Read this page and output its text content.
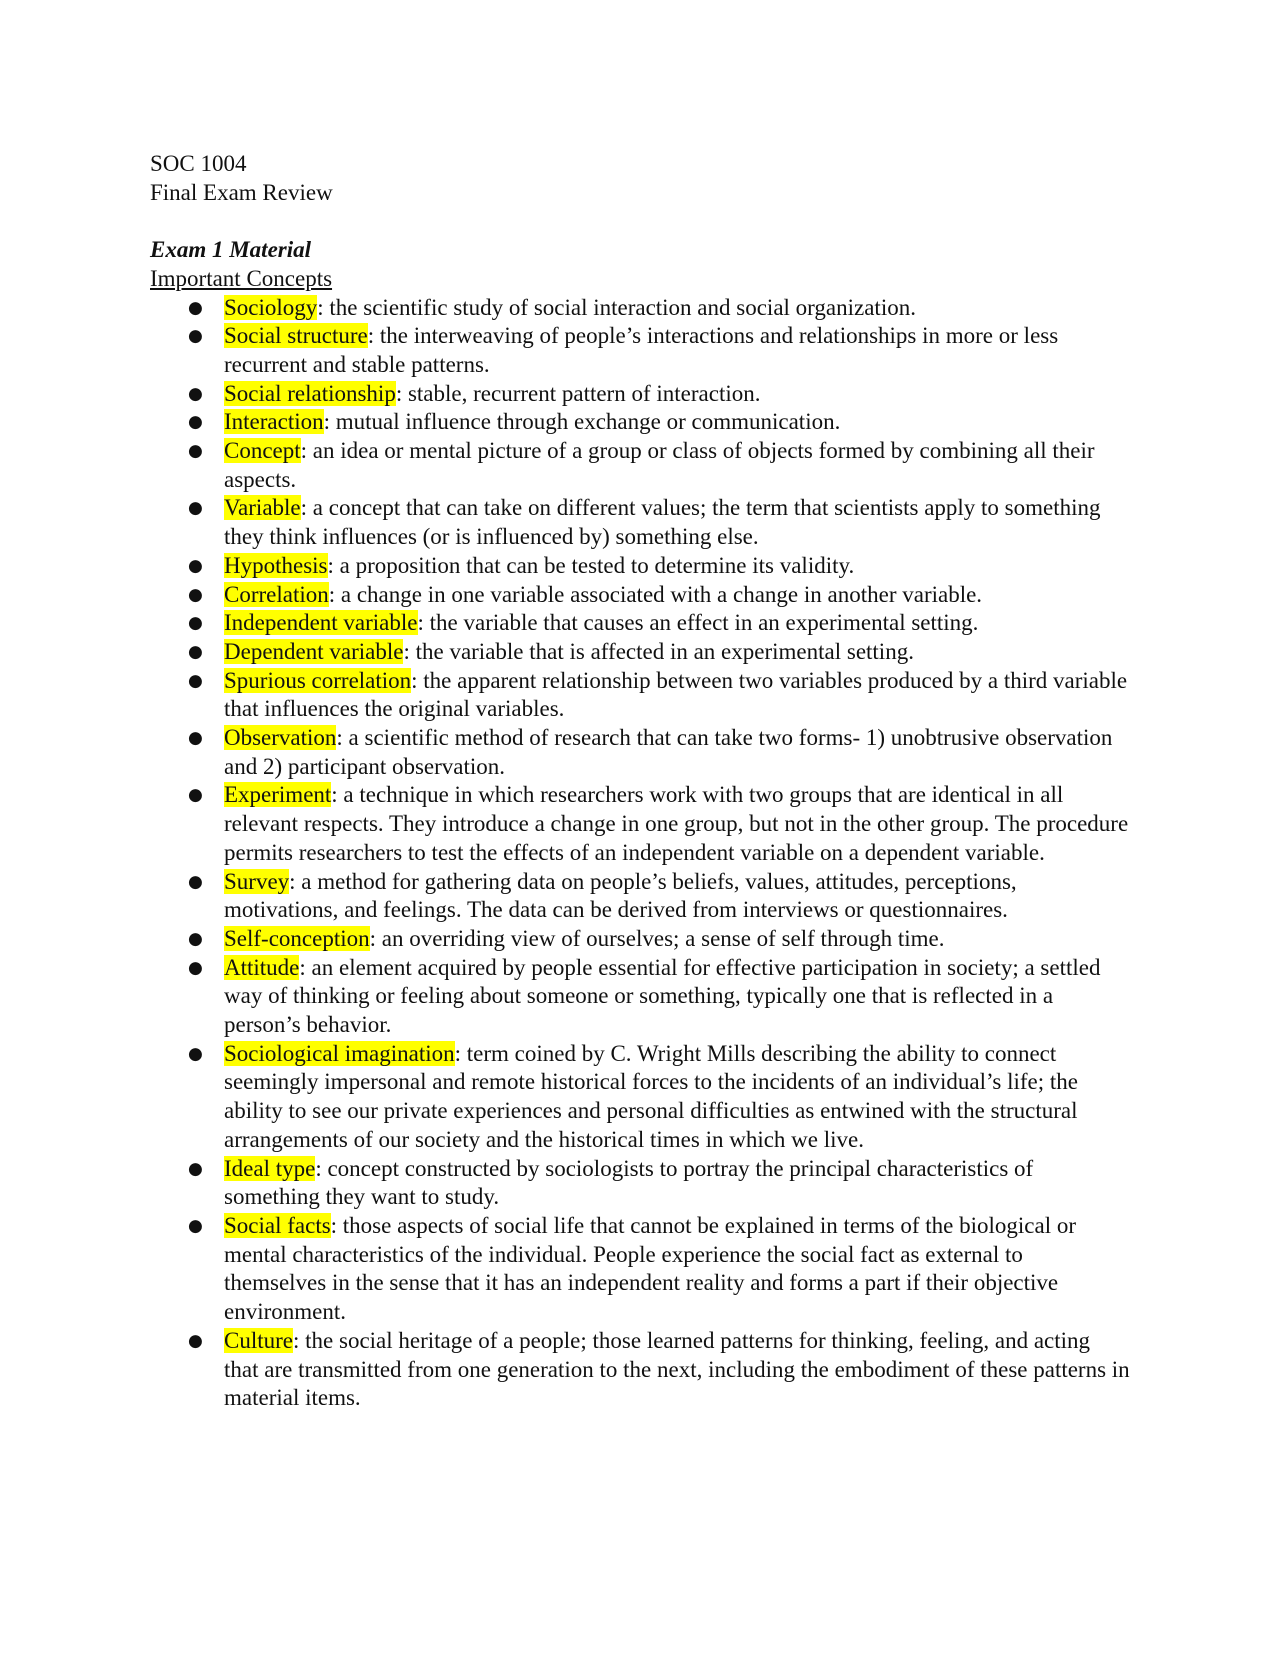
SOC 1004
Final Exam Review
Exam 1 Material
Important Concepts
● Sociology: the scientific study of social interaction and social organization.
● Social structure: the interweaving of people’s interactions and relationships in more or less recurrent and stable patterns.
● Social relationship: stable, recurrent pattern of interaction.
● Interaction: mutual influence through exchange or communication.
● Concept: an idea or mental picture of a group or class of objects formed by combining all their aspects.
● Variable: a concept that can take on different values; the term that scientists apply to something they think influences (or is influenced by) something else.
● Hypothesis: a proposition that can be tested to determine its validity.
● Correlation: a change in one variable associated with a change in another variable.
● Independent variable: the variable that causes an effect in an experimental setting.
● Dependent variable: the variable that is affected in an experimental setting.
● Spurious correlation: the apparent relationship between two variables produced by a third variable that influences the original variables.
● Observation: a scientific method of research that can take two forms- 1) unobtrusive observation and 2) participant observation.
● Experiment: a technique in which researchers work with two groups that are identical in all relevant respects. They introduce a change in one group, but not in the other group. The procedure permits researchers to test the effects of an independent variable on a dependent variable.
● Survey: a method for gathering data on people’s beliefs, values, attitudes, perceptions, motivations, and feelings. The data can be derived from interviews or questionnaires.
● Self-conception: an overriding view of ourselves; a sense of self through time.
● Attitude: an element acquired by people essential for effective participation in society; a settled way of thinking or feeling about someone or something, typically one that is reflected in a person’s behavior.
● Sociological imagination: term coined by C. Wright Mills describing the ability to connect seemingly impersonal and remote historical forces to the incidents of an individual’s life; the ability to see our private experiences and personal difficulties as entwined with the structural arrangements of our society and the historical times in which we live.
● Ideal type: concept constructed by sociologists to portray the principal characteristics of something they want to study.
● Social facts: those aspects of social life that cannot be explained in terms of the biological or mental characteristics of the individual. People experience the social fact as external to themselves in the sense that it has an independent reality and forms a part if their objective environment.
● Culture: the social heritage of a people; those learned patterns for thinking, feeling, and acting that are transmitted from one generation to the next, including the embodiment of these patterns in material items.
